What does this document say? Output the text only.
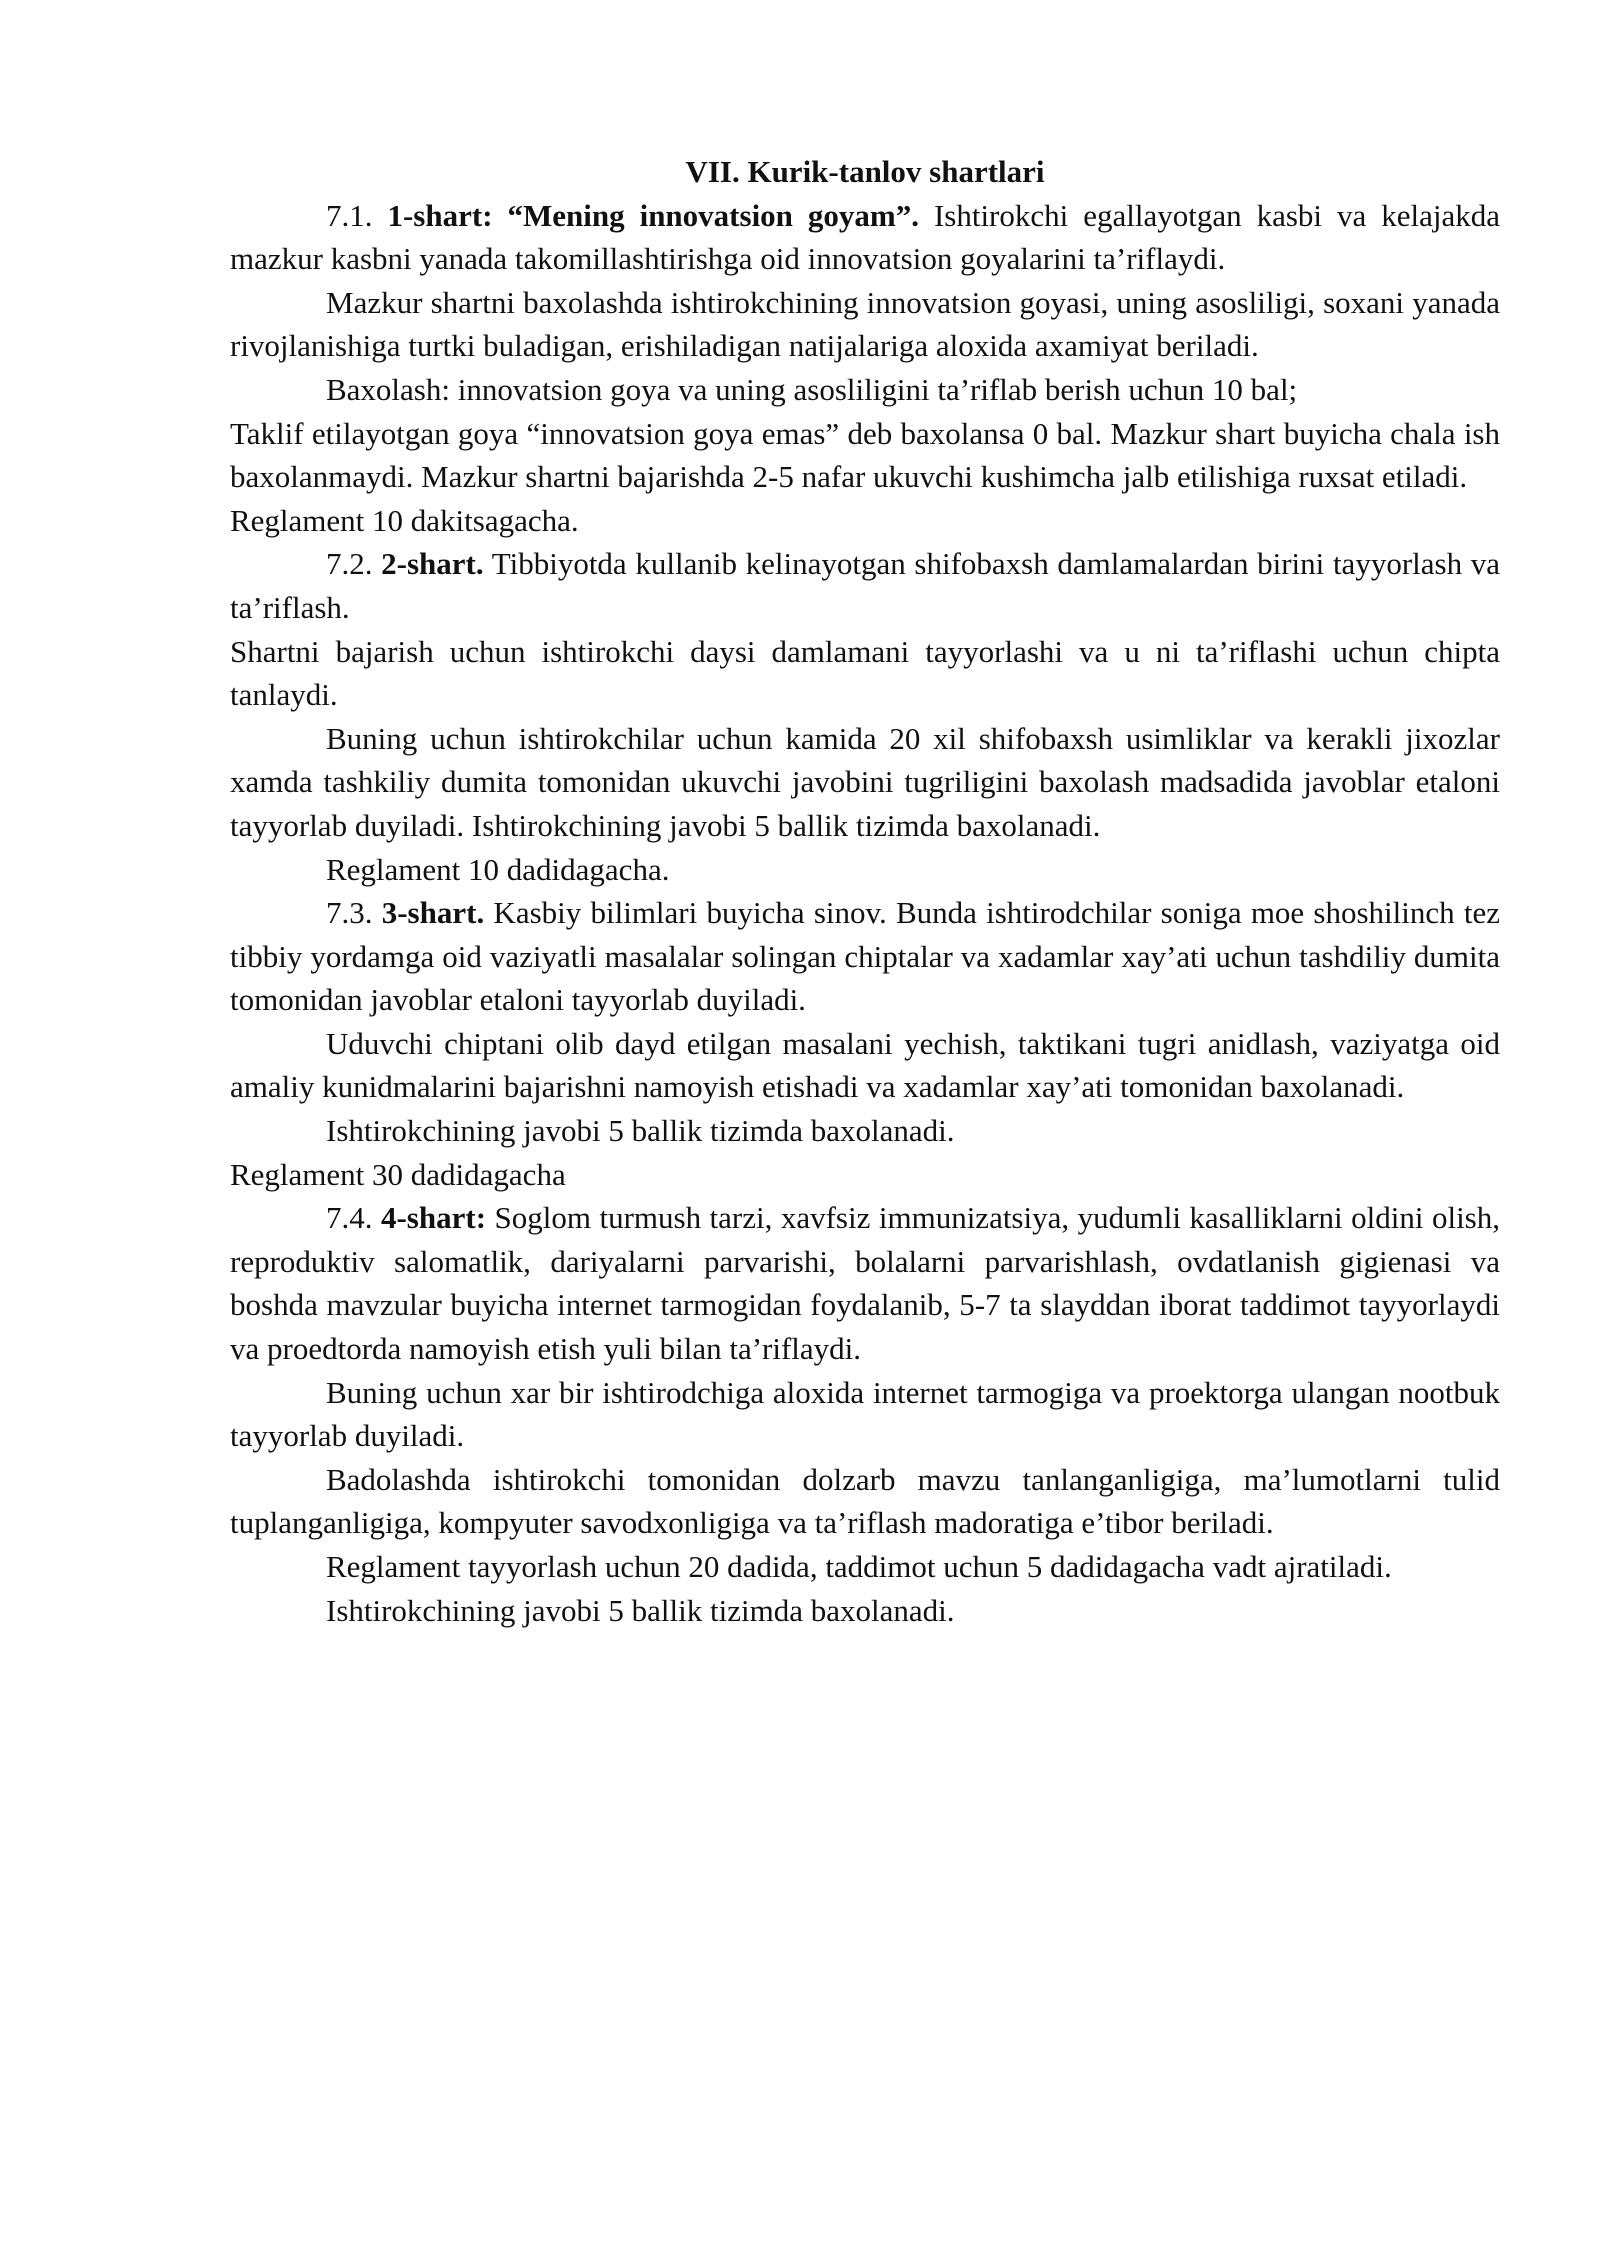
VII. Kurik-tanlov shartlari

7.1. 1-shart: “Mening innovatsion goyam”. Ishtirokchi egallayotgan kasbi va kelajakda mazkur kasbni yanada takomillashtirishga oid innovatsion goyalarini ta’riflaydi.

Mazkur shartni baxolashda ishtirokchining innovatsion goyasi, uning asosliligi, soxani yanada rivojlanishiga turtki buladigan, erishiladigan natijalariga aloxida axamiyat beriladi.

Baxolash: innovatsion goya va uning asosliligini ta’riflab berish uchun 10 bal;

Taklif etilayotgan goya “innovatsion goya emas” deb baxolansa 0 bal. Mazkur shart buyicha chala ish baxolanmaydi. Mazkur shartni bajarishda 2-5 nafar ukuvchi kushimcha jalb etilishiga ruxsat etiladi.

Reglament 10 dakitsagacha.

7.2. 2-shart. Tibbiyotda kullanib kelinayotgan shifobaxsh damlamalardan birini tayyorlash va ta’riflash.

Shartni bajarish uchun ishtirokchi daysi damlamani tayyorlashi va u ni ta’riflashi uchun chipta tanlaydi.

Buning uchun ishtirokchilar uchun kamida 20 xil shifobaxsh usimliklar va kerakli jixozlar xamda tashkiliy dumita tomonidan ukuvchi javobini tugriligini baxolash madsadida javoblar etaloni tayyorlab duyiladi. Ishtirokchining javobi 5 ballik tizimda baxolanadi.

Reglament 10 dadidagacha.

7.3. 3-shart. Kasbiy bilimlari buyicha sinov. Bunda ishtirodchilar soniga moe shoshilinch tez tibbiy yordamga oid vaziyatli masalalar solingan chiptalar va xadamlar xay’ati uchun tashdiliy dumita tomonidan javoblar etaloni tayyorlab duyiladi.

Uduvchi chiptani olib dayd etilgan masalani yechish, taktikani tugri anidlash, vaziyatga oid amaliy kunidmalarini bajarishni namoyish etishadi va xadamlar xay’ati tomonidan baxolanadi.

Ishtirokchining javobi 5 ballik tizimda baxolanadi.

Reglament 30 dadidagacha

7.4. 4-shart: Soglom turmush tarzi, xavfsiz immunizatsiya, yudumli kasalliklarni oldini olish, reproduktiv salomatlik, dariyalarni parvarishi, bolalarni parvarishlash, ovdatlanish gigienasi va boshda mavzular buyicha internet tarmogidan foydalanib, 5-7 ta slayddan iborat taddimot tayyorlaydi va proedtorda namoyish etish yuli bilan ta’riflaydi.

Buning uchun xar bir ishtirodchiga aloxida internet tarmogiga va proektorga ulangan nootbuk tayyorlab duyiladi.

Badolashda ishtirokchi tomonidan dolzarb mavzu tanlanganligiga, ma’lumotlarni tulid tuplanganligiga, kompyuter savodxonligiga va ta’riflash madoratiga e’tibor beriladi.

Reglament tayyorlash uchun 20 dadida, taddimot uchun 5 dadidagacha vadt ajratiladi.

Ishtirokchining javobi 5 ballik tizimda baxolanadi.
